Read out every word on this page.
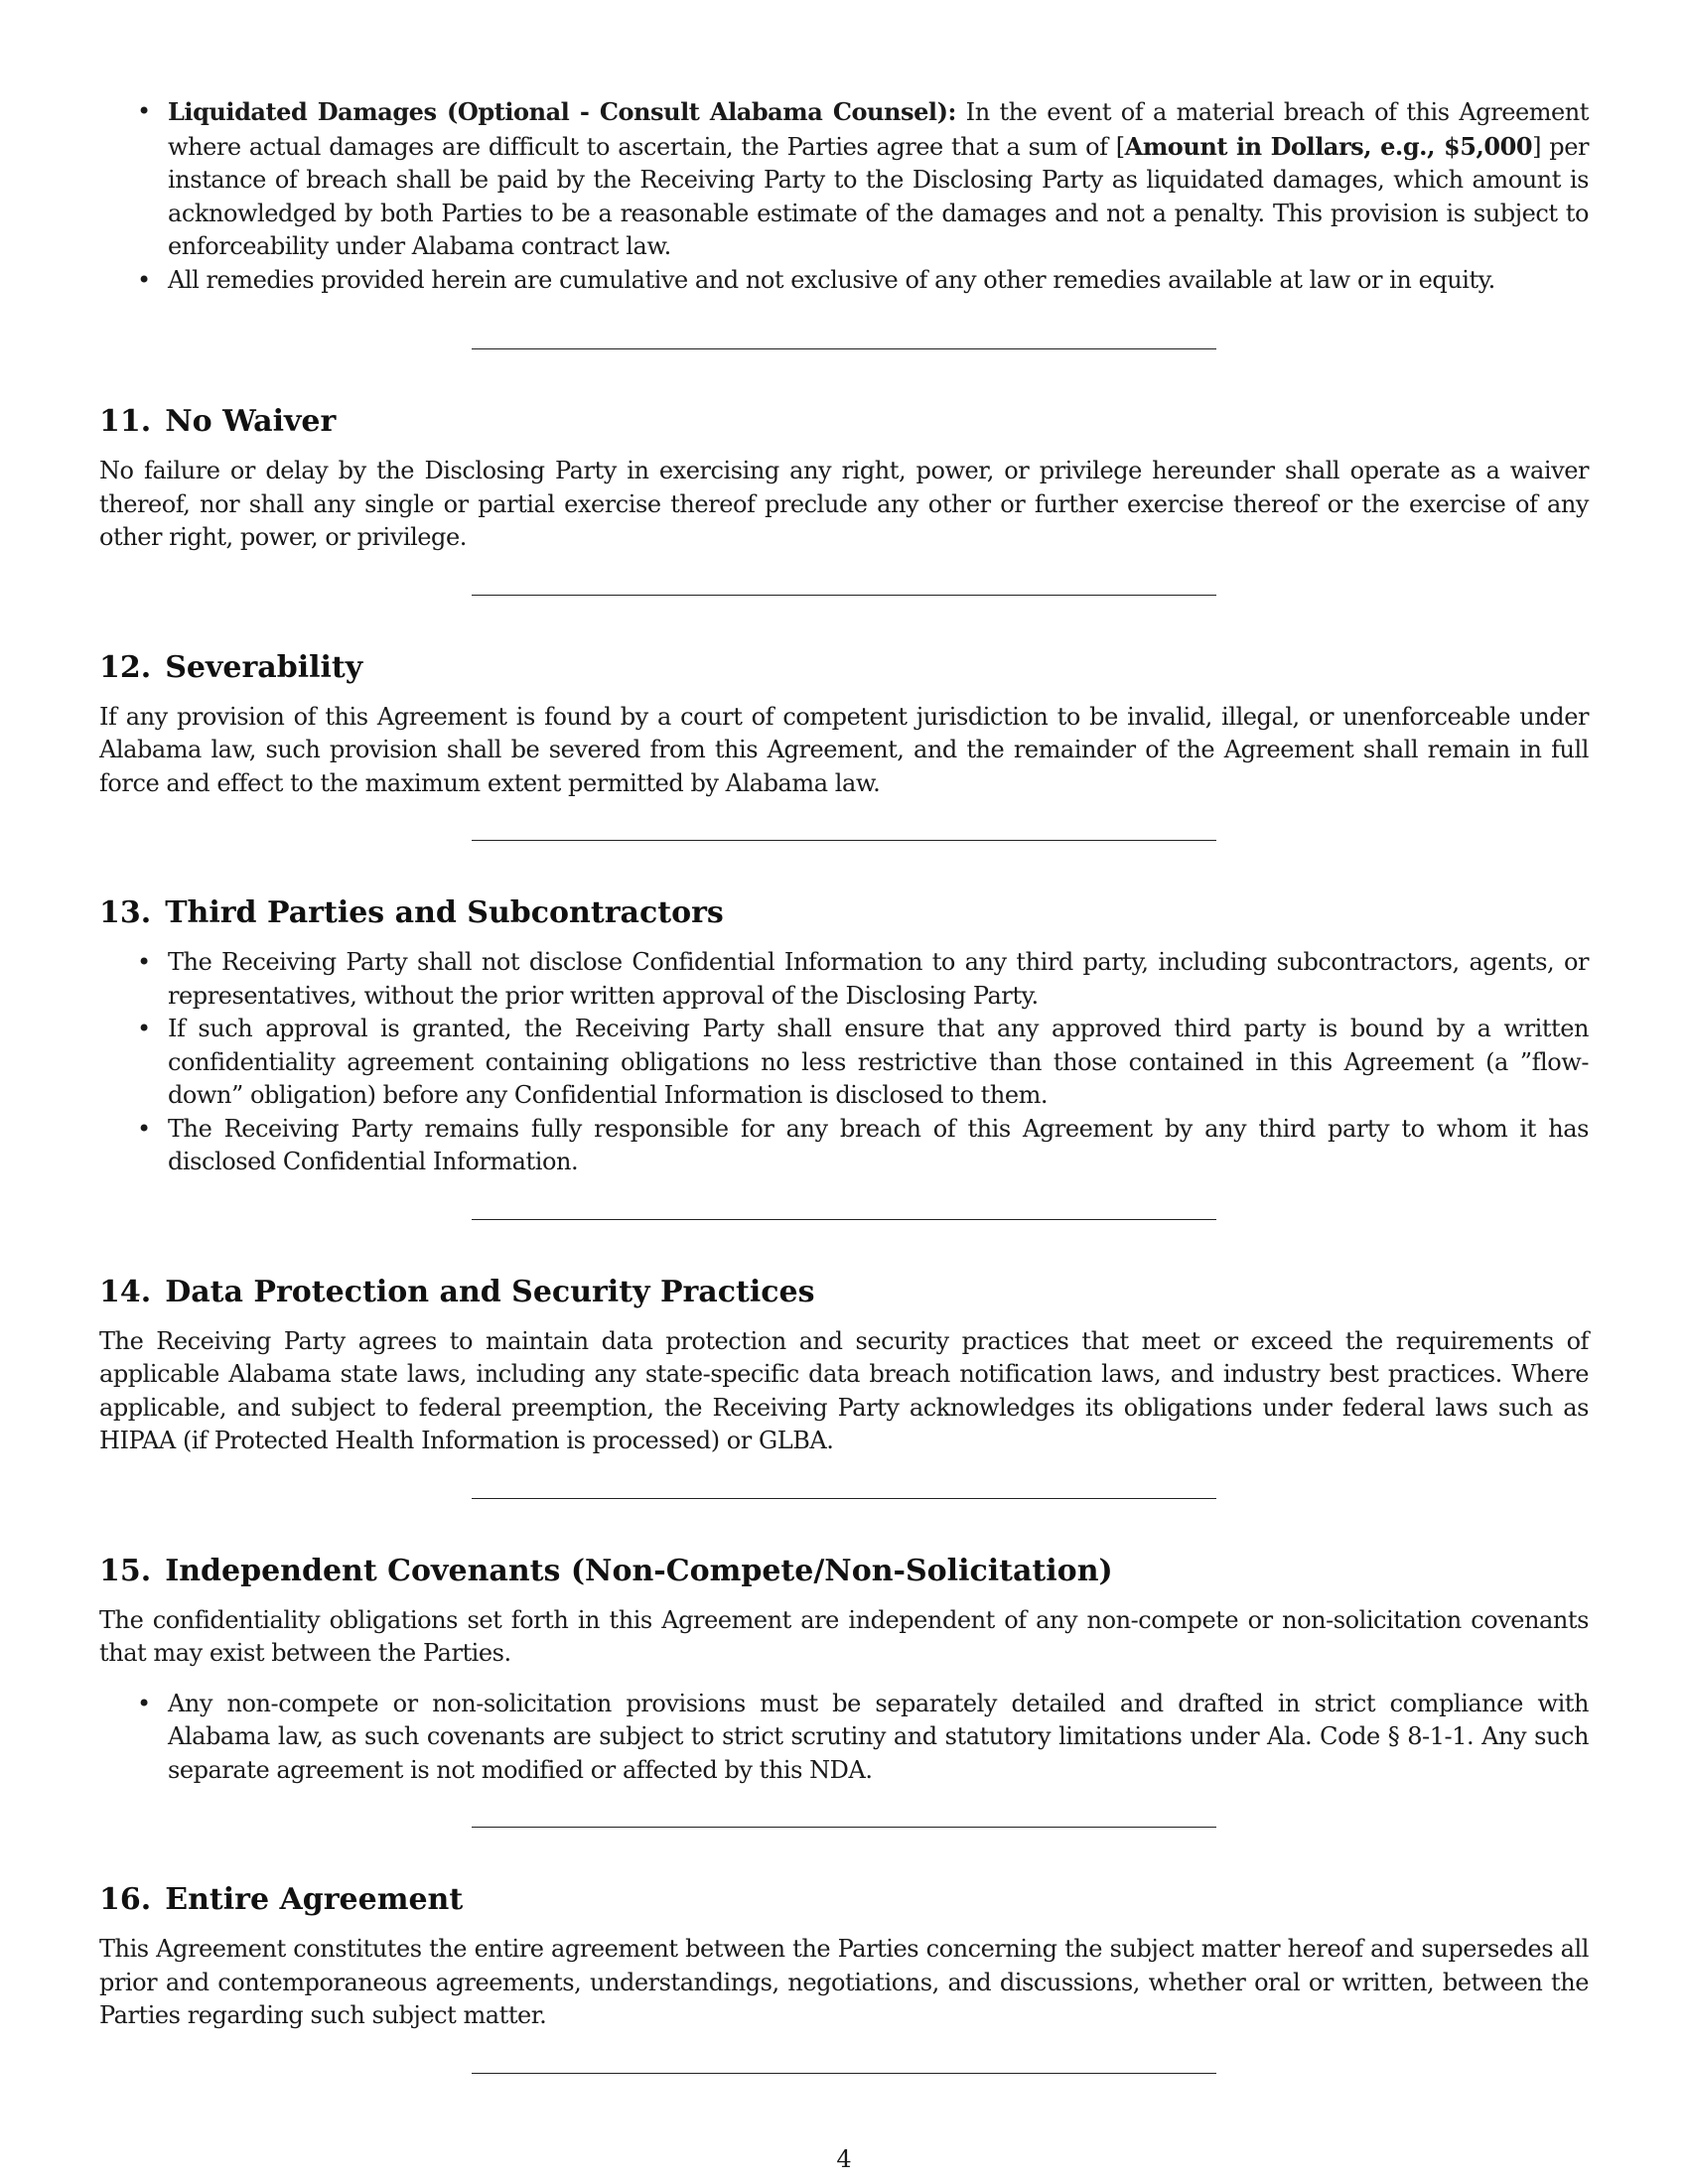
• Liquidated Damages (Optional - Consult Alabama Counsel): In the event of a material breach of this Agreement where actual damages are difficult to ascertain, the Parties agree that a sum of [Amount in Dollars, e.g., $5,000] per instance of breach shall be paid by the Receiving Party to the Disclosing Party as liquidated damages, which amount is acknowledged by both Parties to be a reasonable estimate of the damages and not a penalty. This provision is subject to enforceability under Alabama contract law.
• All remedies provided herein are cumulative and not exclusive of any other remedies available at law or in equity.
11. No Waiver

No failure or delay by the Disclosing Party in exercising any right, power, or privilege hereunder shall operate as a waiver thereof, nor shall any single or partial exercise thereof preclude any other or further exercise thereof or the exercise of any other right, power, or privilege.

12. Severability

If any provision of this Agreement is found by a court of competent jurisdiction to be invalid, illegal, or unenforceable under Alabama law, such provision shall be severed from this Agreement, and the remainder of the Agreement shall remain in full force and effect to the maximum extent permitted by Alabama law.

13. Third Parties and Subcontractors
• The Receiving Party shall not disclose Confidential Information to any third party, including subcontractors, agents, or representatives, without the prior written approval of the Disclosing Party.
• If such approval is granted, the Receiving Party shall ensure that any approved third party is bound by a written confidentiality agreement containing obligations no less restrictive than those contained in this Agreement (a ”flow-down” obligation) before any Confidential Information is disclosed to them.
• The Receiving Party remains fully responsible for any breach of this Agreement by any third party to whom it has disclosed Confidential Information.
14. Data Protection and Security Practices

The Receiving Party agrees to maintain data protection and security practices that meet or exceed the requirements of applicable Alabama state laws, including any state-specific data breach notification laws, and industry best practices. Where applicable, and subject to federal preemption, the Receiving Party acknowledges its obligations under federal laws such as HIPAA (if Protected Health Information is processed) or GLBA.

15. Independent Covenants (Non-Compete/Non-Solicitation)

The confidentiality obligations set forth in this Agreement are independent of any non-compete or non-solicitation covenants that may exist between the Parties.

• Any non-compete or non-solicitation provisions must be separately detailed and drafted in strict compliance with Alabama law, as such covenants are subject to strict scrutiny and statutory limitations under Ala. Code § 8-1-1. Any such separate agreement is not modified or affected by this NDA.
16. Entire Agreement

This Agreement constitutes the entire agreement between the Parties concerning the subject matter hereof and supersedes all prior and contemporaneous agreements, understandings, negotiations, and discussions, whether oral or written, between the Parties regarding such subject matter.

4
